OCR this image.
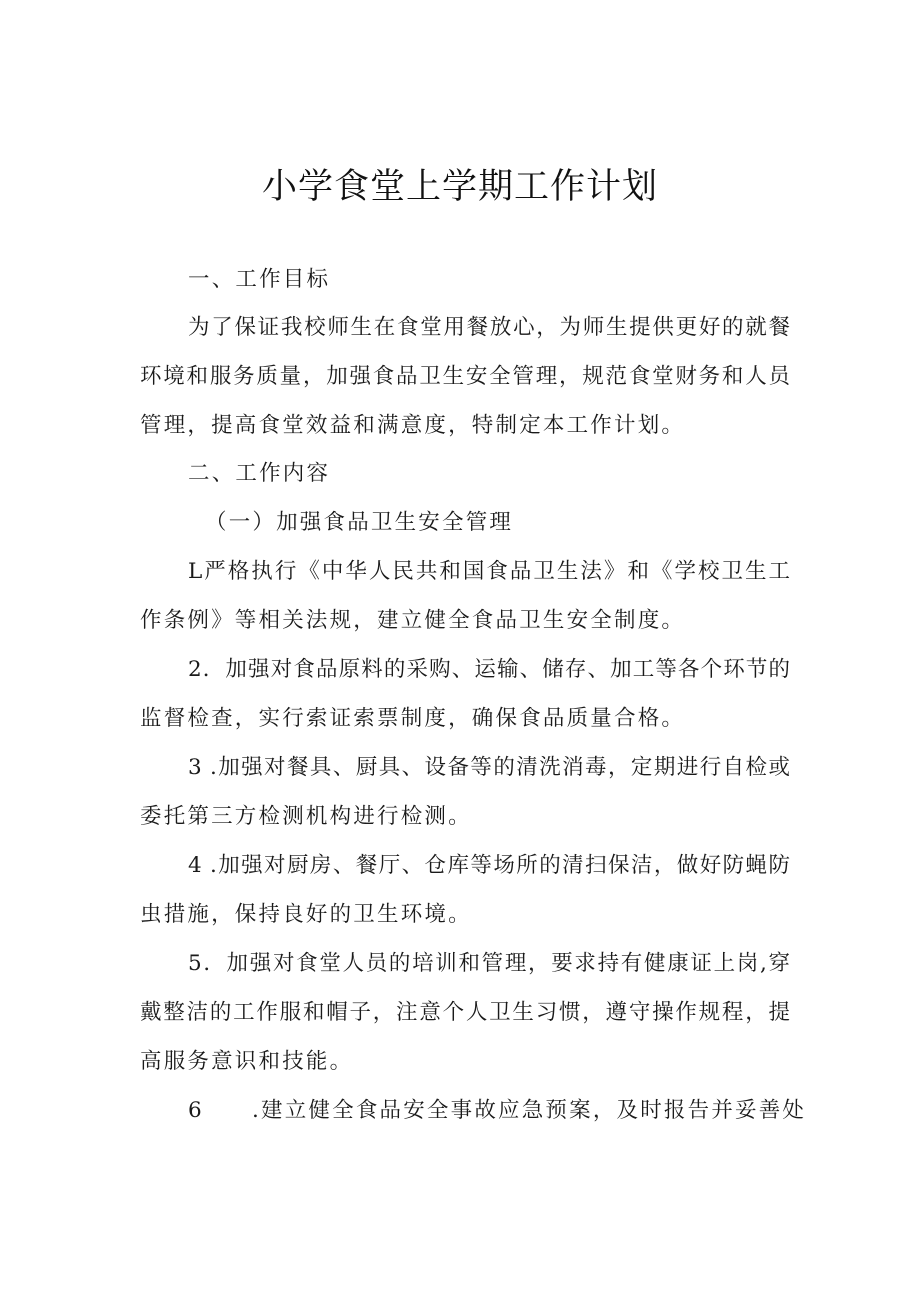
小学食堂上学期工作计划
一、工作目标
为了保证我校师生在食堂用餐放心，为师生提供更好的就餐
环境和服务质量，加强食品卫生安全管理，规范食堂财务和人员
管理，提高食堂效益和满意度，特制定本工作计划。
二、工作内容
（一）加强食品卫生安全管理
L严格执行《中华人民共和国食品卫生法》和《学校卫生工
作条例》等相关法规，建立健全食品卫生安全制度。
2．加强对食品原料的采购、运输、储存、加工等各个环节的
监督检查，实行索证索票制度，确保食品质量合格。
3 .加强对餐具、厨具、设备等的清洗消毒，定期进行自检或
委托第三方检测机构进行检测。
4 .加强对厨房、餐厅、仓库等场所的清扫保洁，做好防蝇防
虫措施，保持良好的卫生环境。
5．加强对食堂人员的培训和管理，要求持有健康证上岗,穿
戴整洁的工作服和帽子，注意个人卫生习惯，遵守操作规程，提
高服务意识和技能。
6 .建立健全食品安全事故应急预案，及时报告并妥善处
